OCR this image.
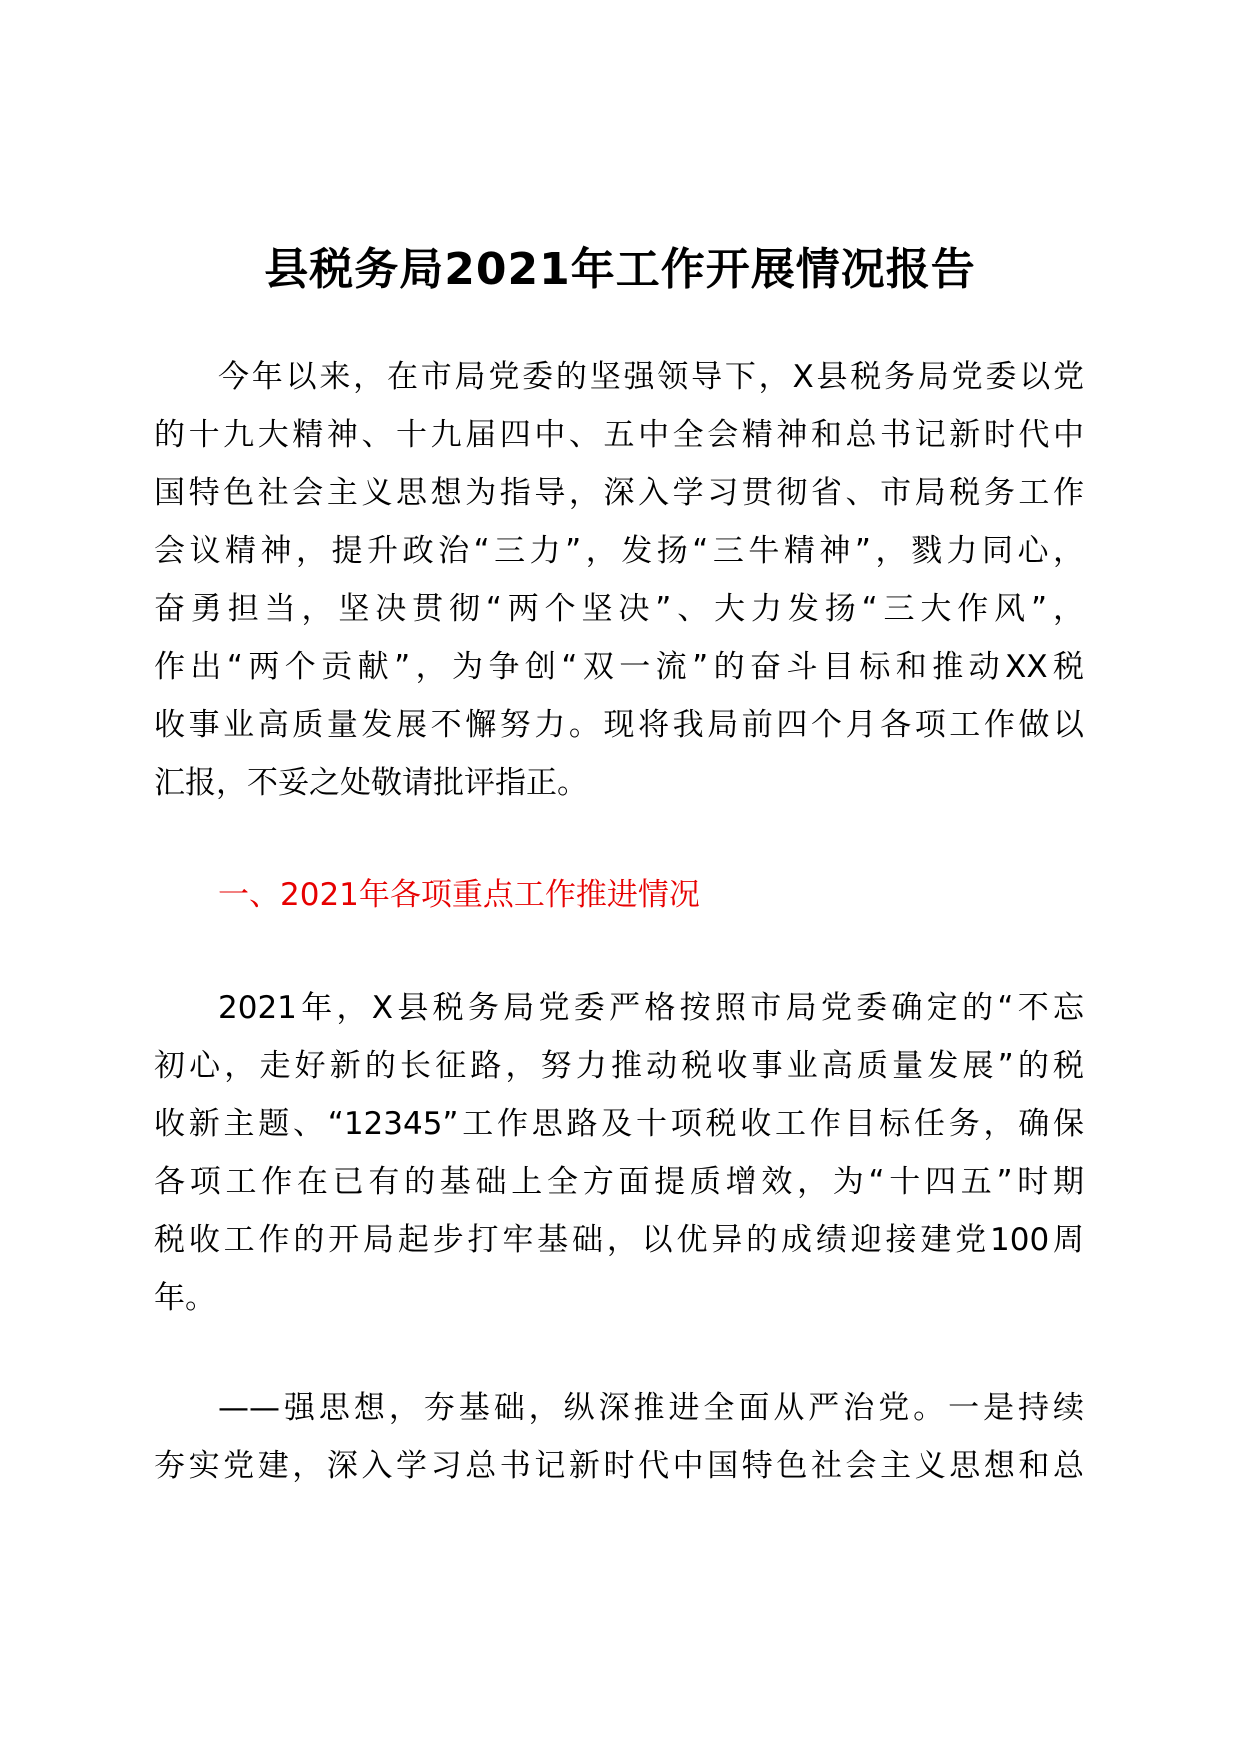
县税务局2021年工作开展情况报告
今年以来，在市局党委的坚强领导下，X县税务局党委以党
的十九大精神、十九届四中、五中全会精神和总书记新时代中
国特色社会主义思想为指导，深入学习贯彻省、市局税务工作
会议精神，提升政治“三力”，发扬“三牛精神”，戮力同心，
奋勇担当，坚决贯彻“两个坚决”、大力发扬“三大作风”，
作出“两个贡献”，为争创“双一流”的奋斗目标和推动XX税
收事业高质量发展不懈努力。现将我局前四个月各项工作做以
汇报，不妥之处敬请批评指正。
一、2021年各项重点工作推进情况
2021年，X县税务局党委严格按照市局党委确定的“不忘
初心，走好新的长征路，努力推动税收事业高质量发展”的税
收新主题、“12345”工作思路及十项税收工作目标任务，确保
各项工作在已有的基础上全方面提质增效，为“十四五”时期
税收工作的开局起步打牢基础，以优异的成绩迎接建党100周
年。
——强思想，夯基础，纵深推进全面从严治党。一是持续
夯实党建，深入学习总书记新时代中国特色社会主义思想和总
